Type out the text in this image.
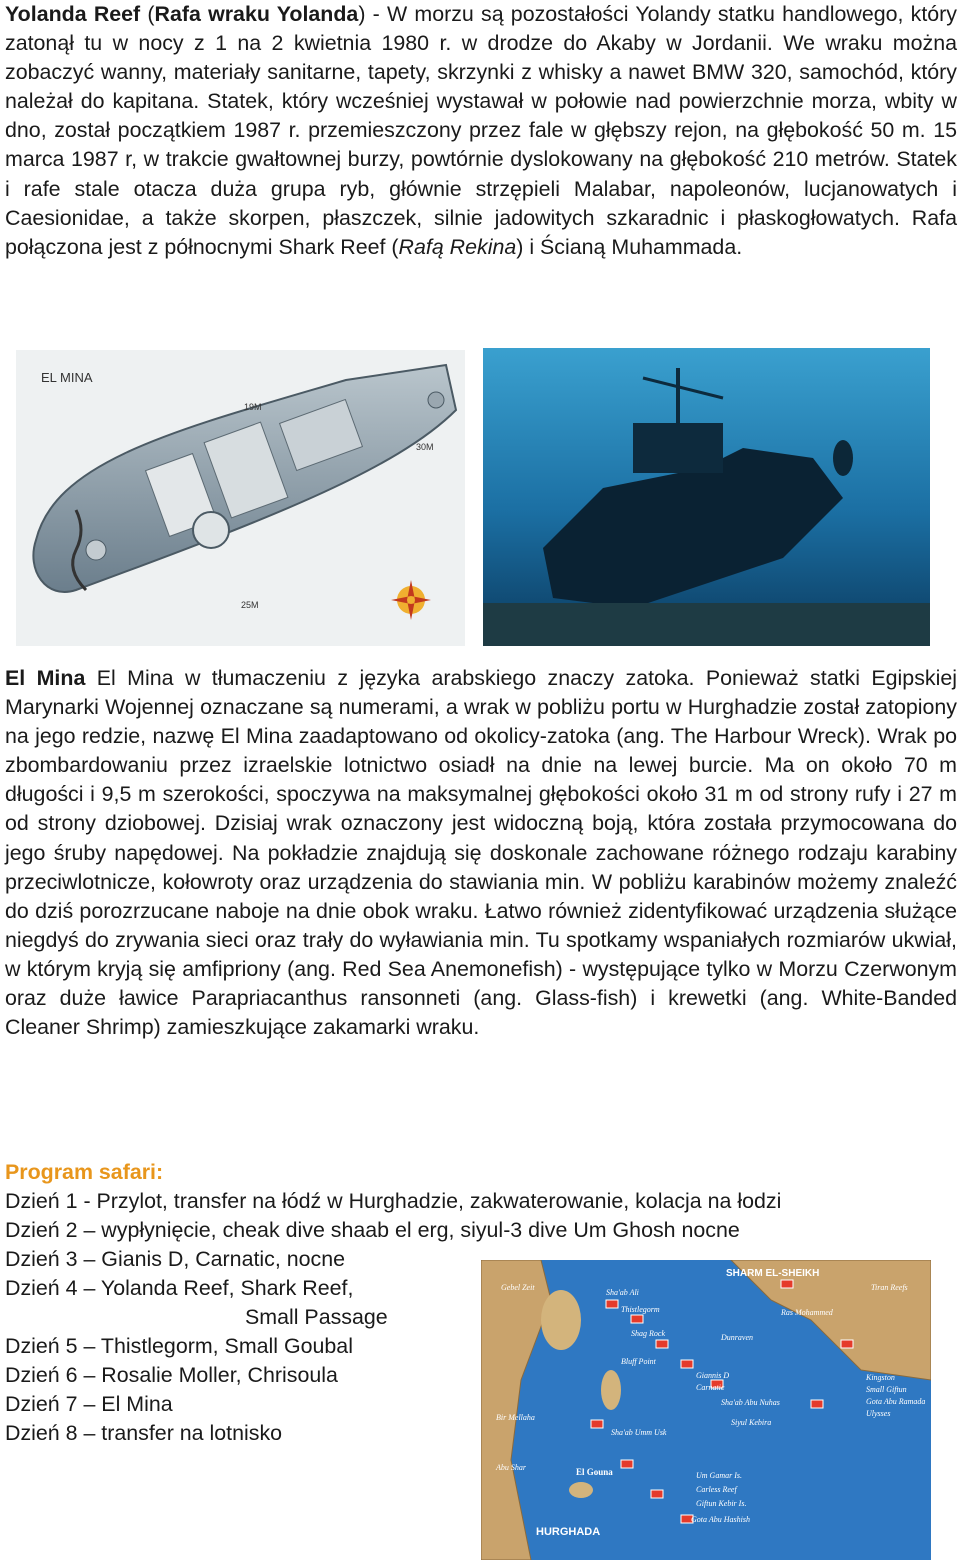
Yolanda Reef (Rafa wraku Yolanda) - W morzu są pozostałości Yolandy statku handlowego, który zatonął tu w nocy z 1 na 2 kwietnia 1980 r. w drodze do Akaby w Jordanii. We wraku można zobaczyć wanny, materiały sanitarne, tapety, skrzynki z whisky a nawet BMW 320, samochód, który należał do kapitana. Statek, który wcześniej wystawał w połowie nad powierzchnie morza, wbity w dno, został początkiem 1987 r. przemieszczony przez fale w głębszy rejon, na głębokość 50 m. 15 marca 1987 r, w trakcie gwałtownej burzy, powtórnie dyslokowany na głębokość 210 metrów. Statek i rafe stale otacza duża grupa ryb, głównie strzępieli Malabar, napoleonów, lucjanowatych i Caesionidae, a także skorpen, płaszczek, silnie jadowitych szkaradnic i płaskogłowatych. Rafa połączona jest z północnymi Shark Reef (Rafą Rekina) i Ścianą Muhammada.

EL MINA
19M
30M
25M

El Mina El Mina w tłumaczeniu z języka arabskiego znaczy zatoka. Ponieważ statki Egipskiej Marynarki Wojennej oznaczane są numerami, a wrak w pobliżu portu w Hurghadzie został zatopiony na jego redzie, nazwę El Mina zaadaptowano od okolicy-zatoka (ang. The Harbour Wreck). Wrak po zbombardowaniu przez izraelskie lotnictwo osiadł na dnie na lewej burcie. Ma on około 70 m długości i 9,5 m szerokości, spoczywa na maksymalnej głębokości około 31 m od strony rufy i 27 m od strony dziobowej. Dzisiaj wrak oznaczony jest widoczną boją, która została przymocowana do jego śruby napędowej. Na pokładzie znajdują się doskonale zachowane różnego rodzaju karabiny przeciwlotnicze, kołowroty oraz urządzenia do stawiania min. W pobliżu karabinów możemy znaleźć do dziś porozrzucane naboje na dnie obok wraku. Łatwo również zidentyfikować urządzenia służące niegdyś do zrywania sieci oraz trały do wyławiania min. Tu spotkamy wspaniałych rozmiarów ukwiał, w którym kryją się amfipriony (ang. Red Sea Anemonefish) - występujące tylko w Morzu Czerwonym oraz duże ławice Parapriacanthus ransonneti (ang. Glass-fish) i krewetki (ang. White-Banded Cleaner Shrimp) zamieszkujące zakamarki wraku.

Program safari:
Dzień 1 - Przylot, transfer na łódź w Hurghadzie, zakwaterowanie, kolacja na łodzi
Dzień 2 – wypłynięcie, cheak dive shaab el erg, siyul-3 dive Um Ghosh nocne
Dzień 3 – Gianis D, Carnatic, nocne
Dzień 4 – Yolanda Reef, Shark Reef,
Small Passage
Dzień 5 – Thistlegorm, Small Goubal
Dzień 6 – Rosalie Moller, Chrisoula
Dzień 7 – El Mina
Dzień 8 – transfer na lotnisko
SHARM EL-SHEIKH
Gebel Zeit
Sha'ab Ali
Thistlegorm
Shag Rock	Dunraven
Ras Mohammed
Bluff Point
Giannis D
Carnatic
Sha'ab Abu Nuhas
Kingston
Small Giftun
Gota Abu Ramada
Sha'ab Umm Usk
Tiran Reefs
Ulysses
Siyul Kebira
Um Gamar Is.
Carless Reef
Giftun Kebir Is.
Abu Shar	El Gouna
Gota Abu Hashish
HURGHADA
Bir Mellaha
